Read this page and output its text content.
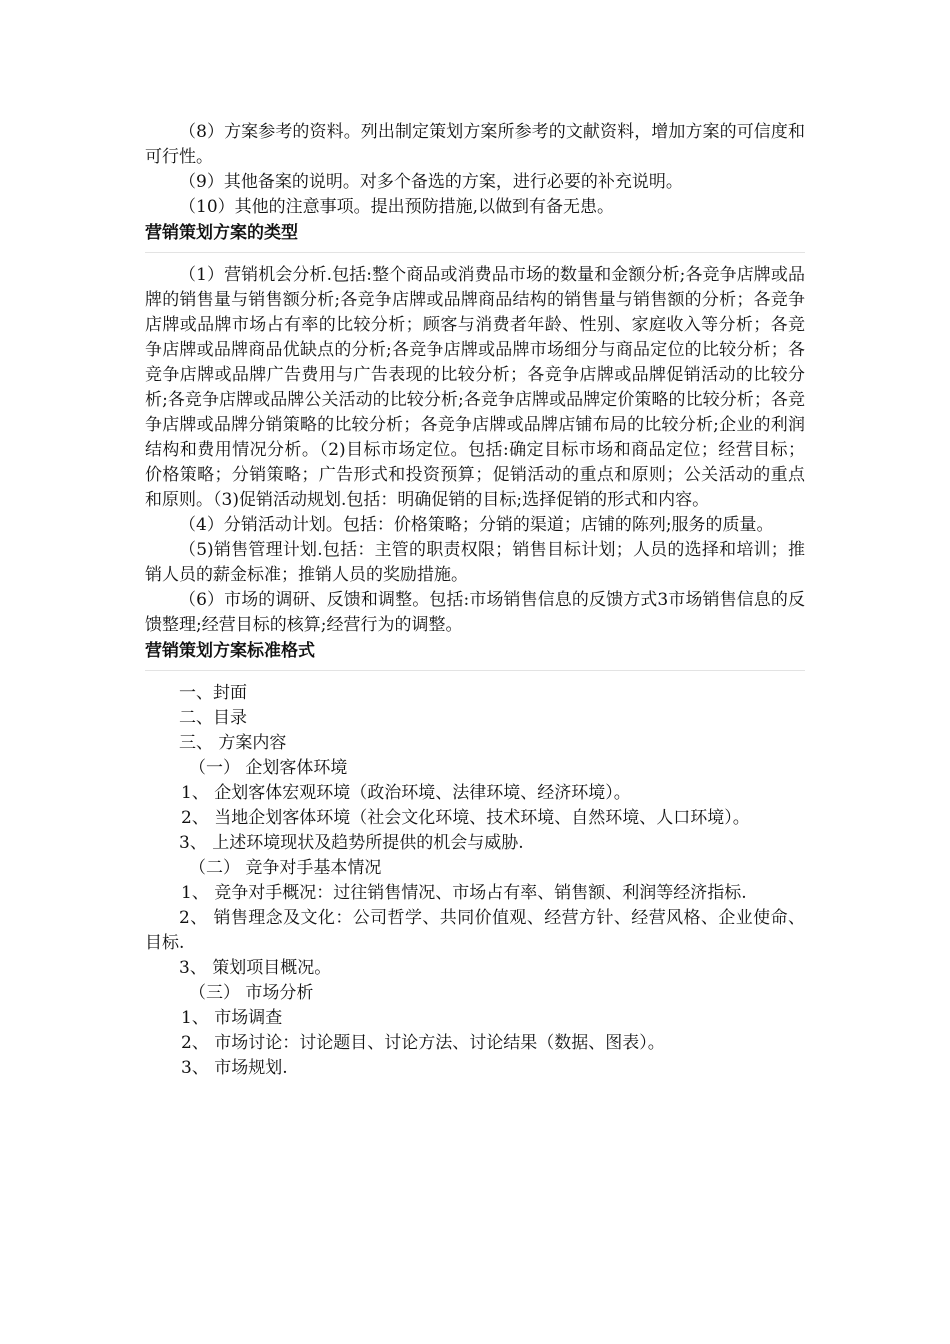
（8）方案参考的资料。列出制定策划方案所参考的文献资料，增加方案的可信度和可行性。

（9）其他备案的说明。对多个备选的方案，进行必要的补充说明。

（10）其他的注意事项。提出预防措施,以做到有备无患。

营销策划方案的类型

（1）营销机会分析.包括:整个商品或消费品市场的数量和金额分析;各竞争店牌或品牌的销售量与销售额分析;各竞争店牌或品牌商品结构的销售量与销售额的分析；各竞争店牌或品牌市场占有率的比较分析；顾客与消费者年龄、性别、家庭收入等分析；各竞争店牌或品牌商品优缺点的分析;各竞争店牌或品牌市场细分与商品定位的比较分析；各竞争店牌或品牌广告费用与广告表现的比较分析；各竞争店牌或品牌促销活动的比较分析;各竞争店牌或品牌公关活动的比较分析;各竞争店牌或品牌定价策略的比较分析；各竞争店牌或品牌分销策略的比较分析；各竞争店牌或品牌店铺布局的比较分析;企业的利润结构和费用情况分析。（2)目标市场定位。包括:确定目标市场和商品定位；经营目标；价格策略；分销策略；广告形式和投资预算；促销活动的重点和原则；公关活动的重点和原则。（3)促销活动规划.包括：明确促销的目标;选择促销的形式和内容。

（4）分销活动计划。包括：价格策略；分销的渠道；店铺的陈列;服务的质量。

（5)销售管理计划.包括：主管的职责权限；销售目标计划；人员的选择和培训；推销人员的薪金标准；推销人员的奖励措施。

（6）市场的调研、反馈和调整。包括:市场销售信息的反馈方式3市场销售信息的反馈整理;经营目标的核算;经营行为的调整。

营销策划方案标准格式

一、封面

二、目录

三、 方案内容

（一） 企划客体环境

1、 企划客体宏观环境（政治环境、法律环境、经济环境）。

2、 当地企划客体环境（社会文化环境、技术环境、自然环境、人口环境）。

3、 上述环境现状及趋势所提供的机会与威胁.

（二） 竞争对手基本情况

1、 竞争对手概况：过往销售情况、市场占有率、销售额、利润等经济指标.

2、 销售理念及文化：公司哲学、共同价值观、经营方针、经营风格、企业使命、目标.

3、 策划项目概况。

（三） 市场分析

1、 市场调查

2、 市场讨论：讨论题目、讨论方法、讨论结果（数据、图表）。

3、 市场规划.
